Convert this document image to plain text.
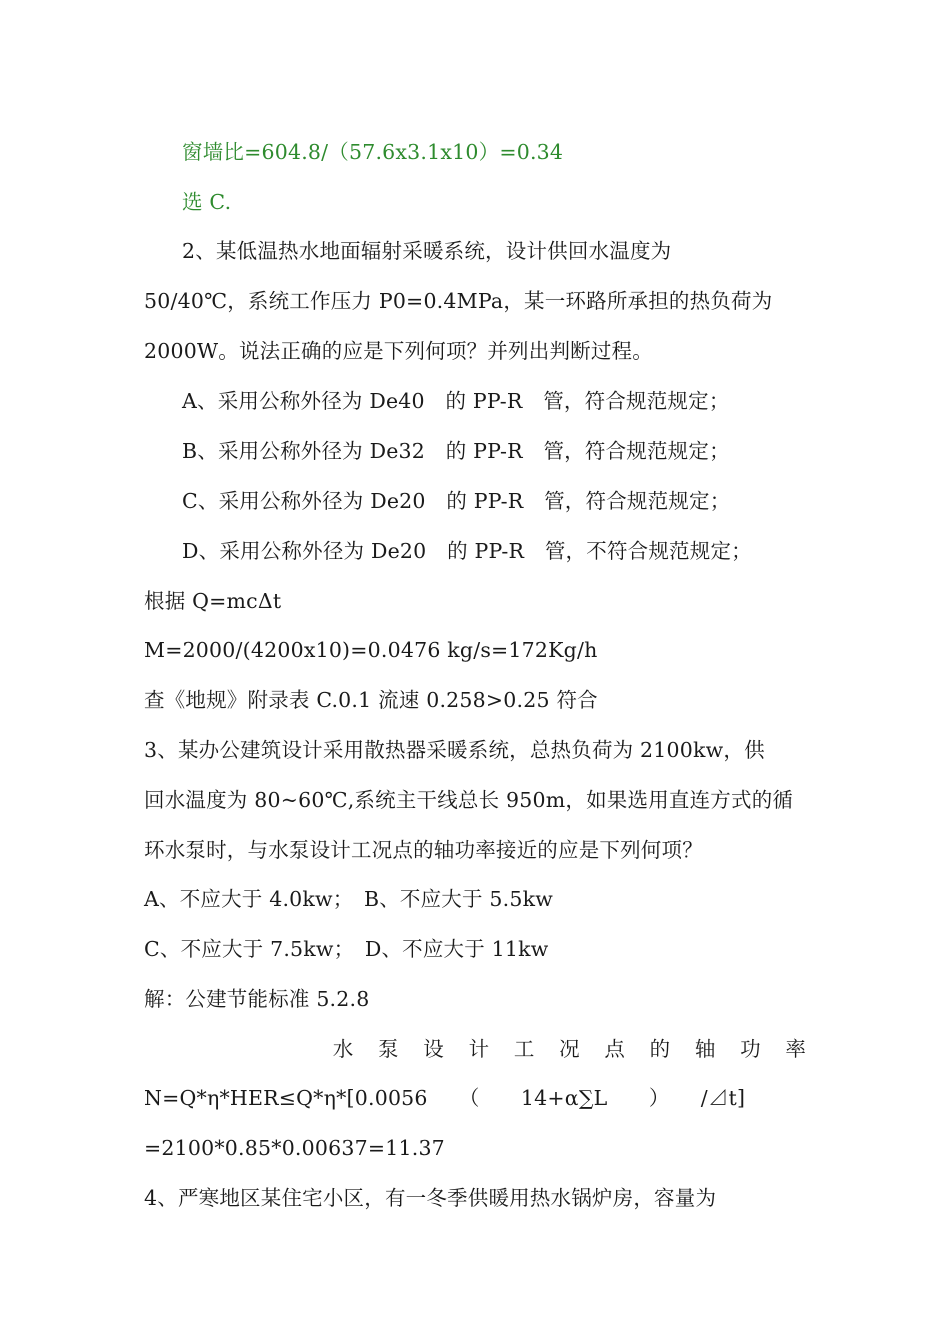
窗墙比=604.8/（57.6x3.1x10）=0.34
选 C.
2、某低温热水地面辐射采暖系统，设计供回水温度为
50/40℃，系统工作压力 P0=0.4MPa，某一环路所承担的热负荷为
2000W。说法正确的应是下列何项？并列出判断过程。
A、采用公称外径为 De40　的 PP-R　管，符合规范规定；
B、采用公称外径为 De32　的 PP-R　管，符合规范规定；
C、采用公称外径为 De20　的 PP-R　管，符合规范规定；
D、采用公称外径为 De20　的 PP-R　管，不符合规范规定；
根据 Q=mcΔt
M=2000/(4200x10)=0.0476 kg/s=172Kg/h
查《地规》附录表 C.0.1 流速 0.258>0.25 符合
3、某办公建筑设计采用散热器采暖系统，总热负荷为 2100kw，供
回水温度为 80~60℃,系统主干线总长 950m，如果选用直连方式的循
环水泵时，与水泵设计工况点的轴功率接近的应是下列何项？
A、不应大于 4.0kw；　B、不应大于 5.5kw
C、不应大于 7.5kw；　D、不应大于 11kw
解：公建节能标准 5.2.8
水 泵 设 计 工 况 点 的 轴 功 率
N=Q*η*HER≤Q*η*[0.0056　　（　　14+α∑L　　）　　/⊿t]
=2100*0.85*0.00637=11.37
4、严寒地区某住宅小区，有一冬季供暖用热水锅炉房，容量为
